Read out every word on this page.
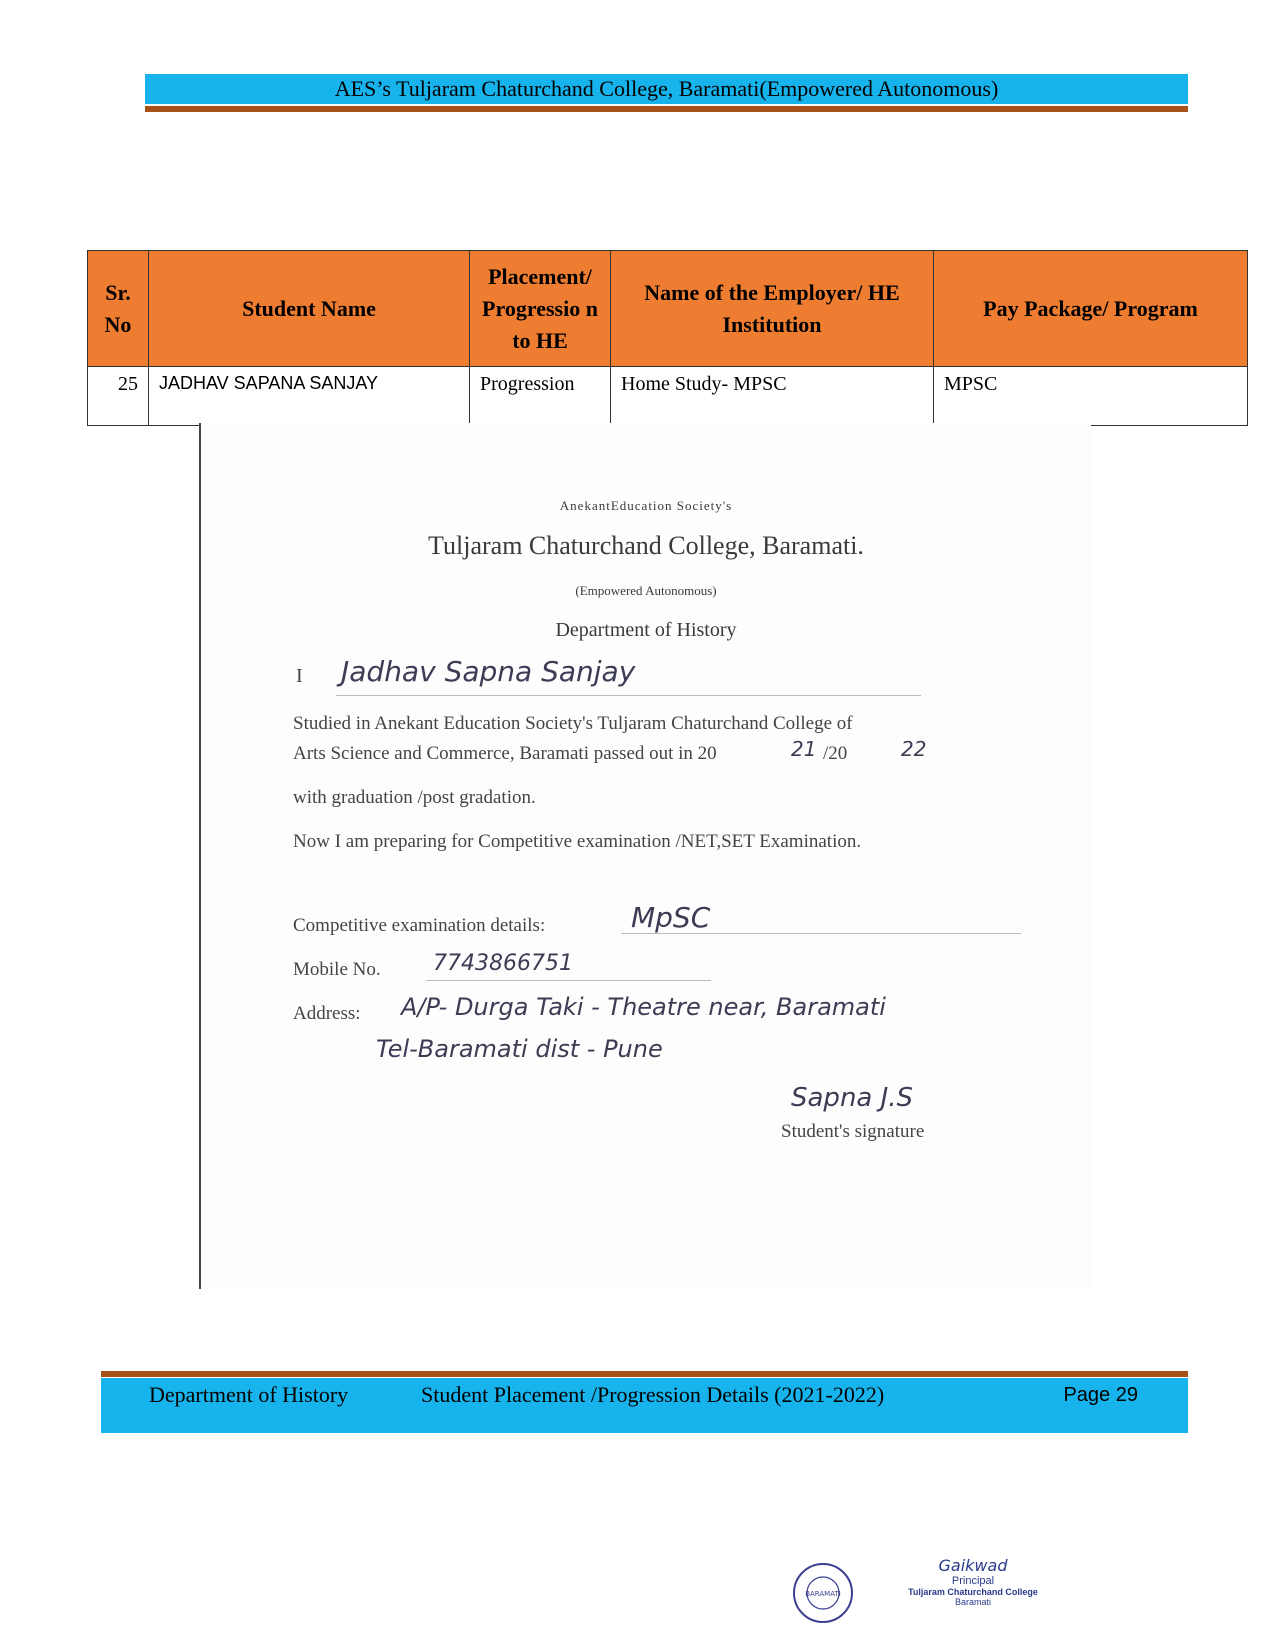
AES’s Tuljaram Chaturchand College, Baramati(Empowered Autonomous)
Sr. No	Student Name	Placement/ Progressio n to HE	Name of the Employer/ HE Institution	Pay Package/ Program
25	JADHAV SAPANA SANJAY	Progression	Home Study- MPSC	MPSC
AnekantEducation Society's
Tuljaram Chaturchand College, Baramati.
(Empowered Autonomous)
Department of History
I Jadhav Sapna Sanjay
Studied in Anekant Education Society's Tuljaram Chaturchand College of
Arts Science and Commerce, Baramati passed out in 20	21 /20	22
with graduation /post gradation.
Now I am preparing for Competitive examination /NET,SET Examination.
Competitive examination details:	MpSC
Mobile No. 7743866751
Address: A/P- Durga Taki - Theatre near, Baramati
Tel-Baramati dist - Pune
Sapna J.S
Student's signature
Department of History	Student Placement /Progression Details (2021-2022)	Page 29
BARAMATI
Gaikwad
Principal
Tuljaram Chaturchand College
Baramati
